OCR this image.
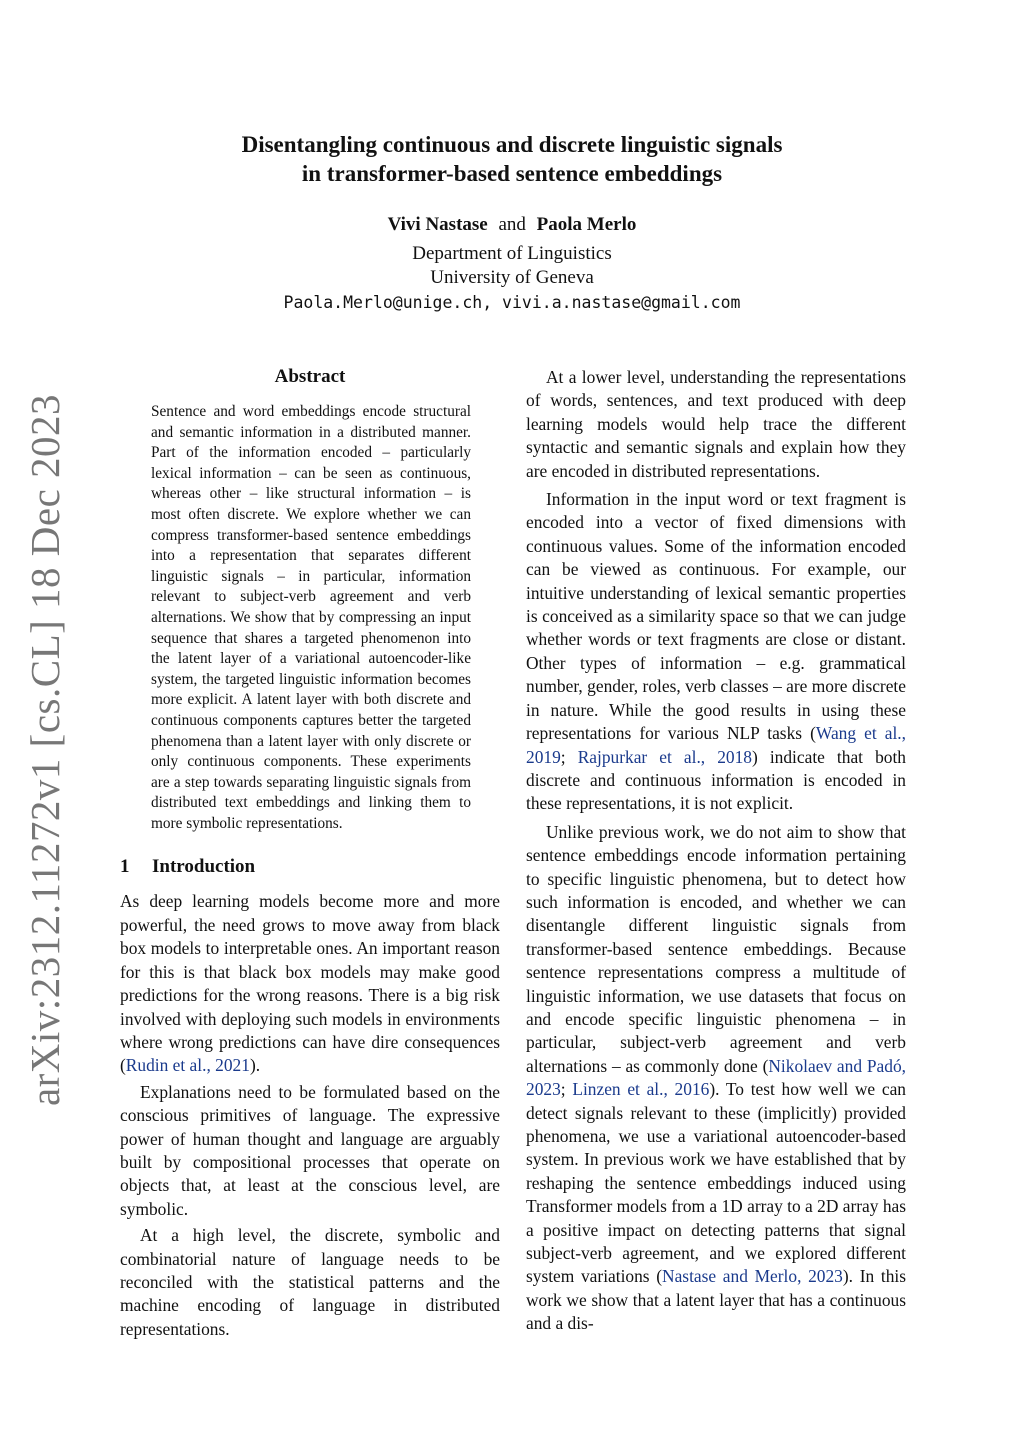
arXiv:2312.11272v1 [cs.CL] 18 Dec 2023
Disentangling continuous and discrete linguistic signals
in transformer-based sentence embeddings
Vivi Nastase and Paola Merlo
Department of Linguistics
University of Geneva
Paola.Merlo@unige.ch, vivi.a.nastase@gmail.com
Abstract
Sentence and word embeddings encode structural and semantic information in a distributed manner. Part of the information encoded – particularly lexical information – can be seen as continuous, whereas other – like structural information – is most often discrete. We explore whether we can compress transformer-based sentence embeddings into a representation that separates different linguistic signals – in particular, information relevant to subject-verb agreement and verb alternations. We show that by compressing an input sequence that shares a targeted phenomenon into the latent layer of a variational autoencoder-like system, the targeted linguistic information becomes more explicit. A latent layer with both discrete and continuous components captures better the targeted phenomena than a latent layer with only discrete or only continuous components. These experiments are a step towards separating linguistic signals from distributed text embeddings and linking them to more symbolic representations.
1 Introduction

As deep learning models become more and more powerful, the need grows to move away from black box models to interpretable ones. An important reason for this is that black box models may make good predictions for the wrong reasons. There is a big risk involved with deploying such models in environments where wrong predictions can have dire consequences (Rudin et al., 2021).

Explanations need to be formulated based on the conscious primitives of language. The expressive power of human thought and language are arguably built by compositional processes that operate on objects that, at least at the conscious level, are symbolic.

At a high level, the discrete, symbolic and combinatorial nature of language needs to be reconciled with the statistical patterns and the machine encoding of language in distributed representations.

At a lower level, understanding the representations of words, sentences, and text produced with deep learning models would help trace the different syntactic and semantic signals and explain how they are encoded in distributed representations.

Information in the input word or text fragment is encoded into a vector of fixed dimensions with continuous values. Some of the information encoded can be viewed as continuous. For example, our intuitive understanding of lexical semantic properties is conceived as a similarity space so that we can judge whether words or text fragments are close or distant. Other types of information – e.g. grammatical number, gender, roles, verb classes – are more discrete in nature. While the good results in using these representations for various NLP tasks (Wang et al., 2019; Rajpurkar et al., 2018) indicate that both discrete and continuous information is encoded in these representations, it is not explicit.

Unlike previous work, we do not aim to show that sentence embeddings encode information pertaining to specific linguistic phenomena, but to detect how such information is encoded, and whether we can disentangle different linguistic signals from transformer-based sentence embeddings. Because sentence representations compress a multitude of linguistic information, we use datasets that focus on and encode specific linguistic phenomena – in particular, subject-verb agreement and verb alternations – as commonly done (Nikolaev and Padó, 2023; Linzen et al., 2016). To test how well we can detect signals relevant to these (implicitly) provided phenomena, we use a variational autoencoder-based system. In previous work we have established that by reshaping the sentence embeddings induced using Transformer models from a 1D array to a 2D array has a positive impact on detecting patterns that signal subject-verb agreement, and we explored different system variations (Nastase and Merlo, 2023). In this work we show that a latent layer that has a continuous and a dis-
